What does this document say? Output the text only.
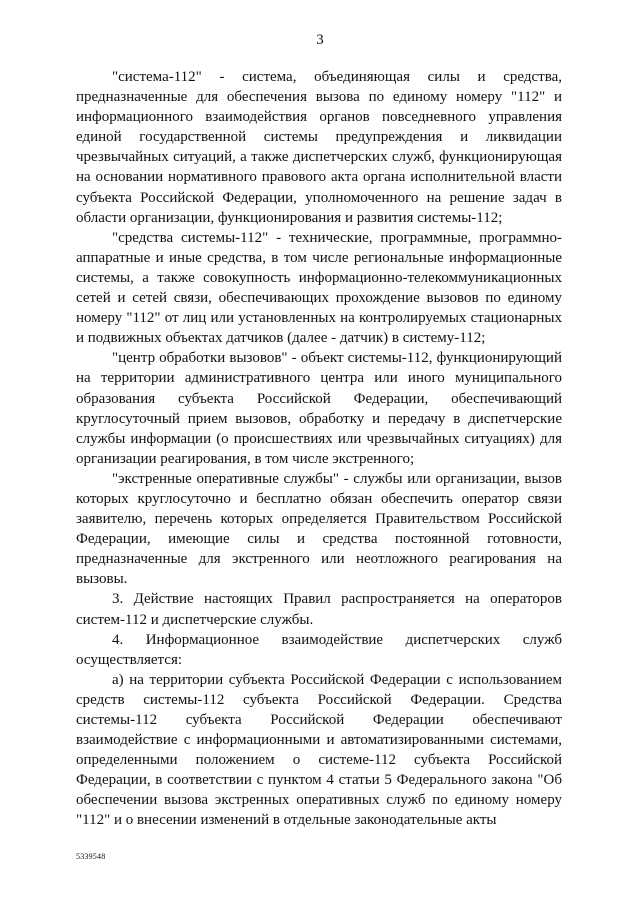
3

"система-112" - система, объединяющая силы и средства, предназначенные для обеспечения вызова по единому номеру "112" и информационного взаимодействия органов повседневного управления единой государственной системы предупреждения и ликвидации чрезвычайных ситуаций, а также диспетчерских служб, функционирующая на основании нормативного правового акта органа исполнительной власти субъекта Российской Федерации, уполномоченного на решение задач в области организации, функционирования и развития системы-112;

"средства системы-112" - технические, программные, программно-аппаратные и иные средства, в том числе региональные информационные системы, а также совокупность информационно-телекоммуникационных сетей и сетей связи, обеспечивающих прохождение вызовов по единому номеру "112" от лиц или установленных на контролируемых стационарных и подвижных объектах датчиков (далее - датчик) в систему-112;

"центр обработки вызовов" - объект системы-112, функционирующий на территории административного центра или иного муниципального образования субъекта Российской Федерации, обеспечивающий круглосуточный прием вызовов, обработку и передачу в диспетчерские службы информации (о происшествиях или чрезвычайных ситуациях) для организации реагирования, в том числе экстренного;

"экстренные оперативные службы" - службы или организации, вызов которых круглосуточно и бесплатно обязан обеспечить оператор связи заявителю, перечень которых определяется Правительством Российской Федерации, имеющие силы и средства постоянной готовности, предназначенные для экстренного или неотложного реагирования на вызовы.

3. Действие настоящих Правил распространяется на операторов систем-112 и диспетчерские службы.

4. Информационное взаимодействие диспетчерских служб осуществляется:

а) на территории субъекта Российской Федерации с использованием средств системы-112 субъекта Российской Федерации. Средства системы-112 субъекта Российской Федерации обеспечивают взаимодействие с информационными и автоматизированными системами, определенными положением о системе-112 субъекта Российской Федерации, в соответствии с пунктом 4 статьи 5 Федерального закона "Об обеспечении вызова экстренных оперативных служб по единому номеру "112" и о внесении изменений в отдельные законодательные акты

5339548
